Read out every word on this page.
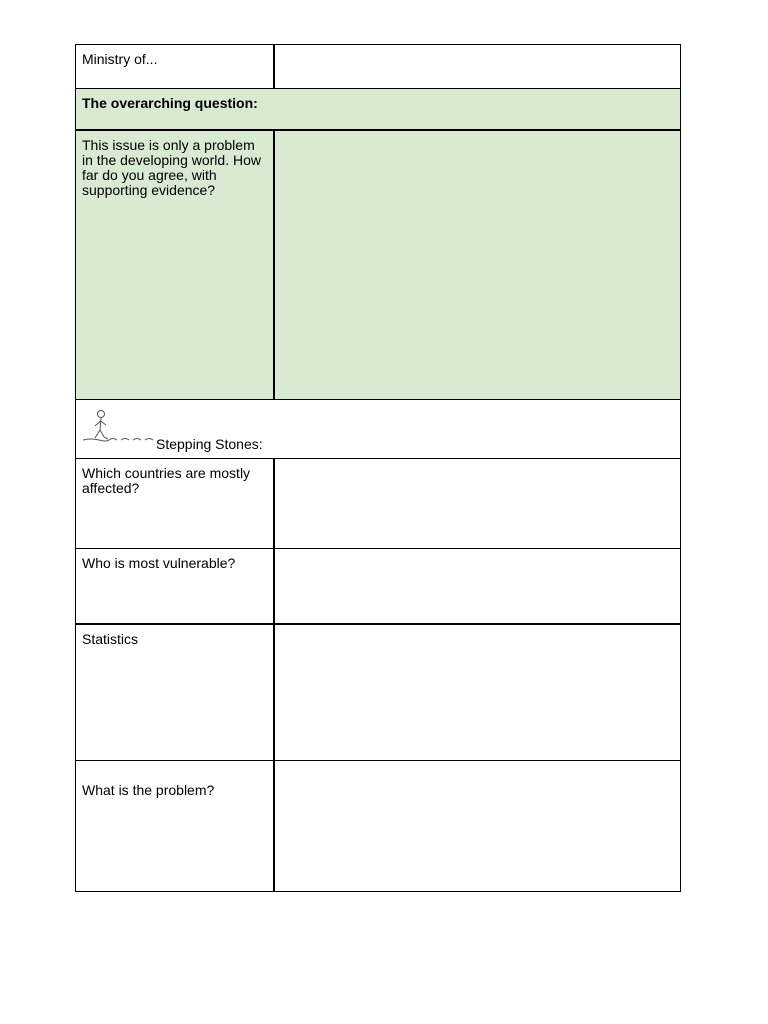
Ministry of...	

The overarching question:	

This issue is only a problem in the developing world. How far do you agree, with supporting evidence?	

Stepping Stones:	

Which countries are mostly affected?	

Who is most vulnerable?	

Statistics	

What is the problem?	
